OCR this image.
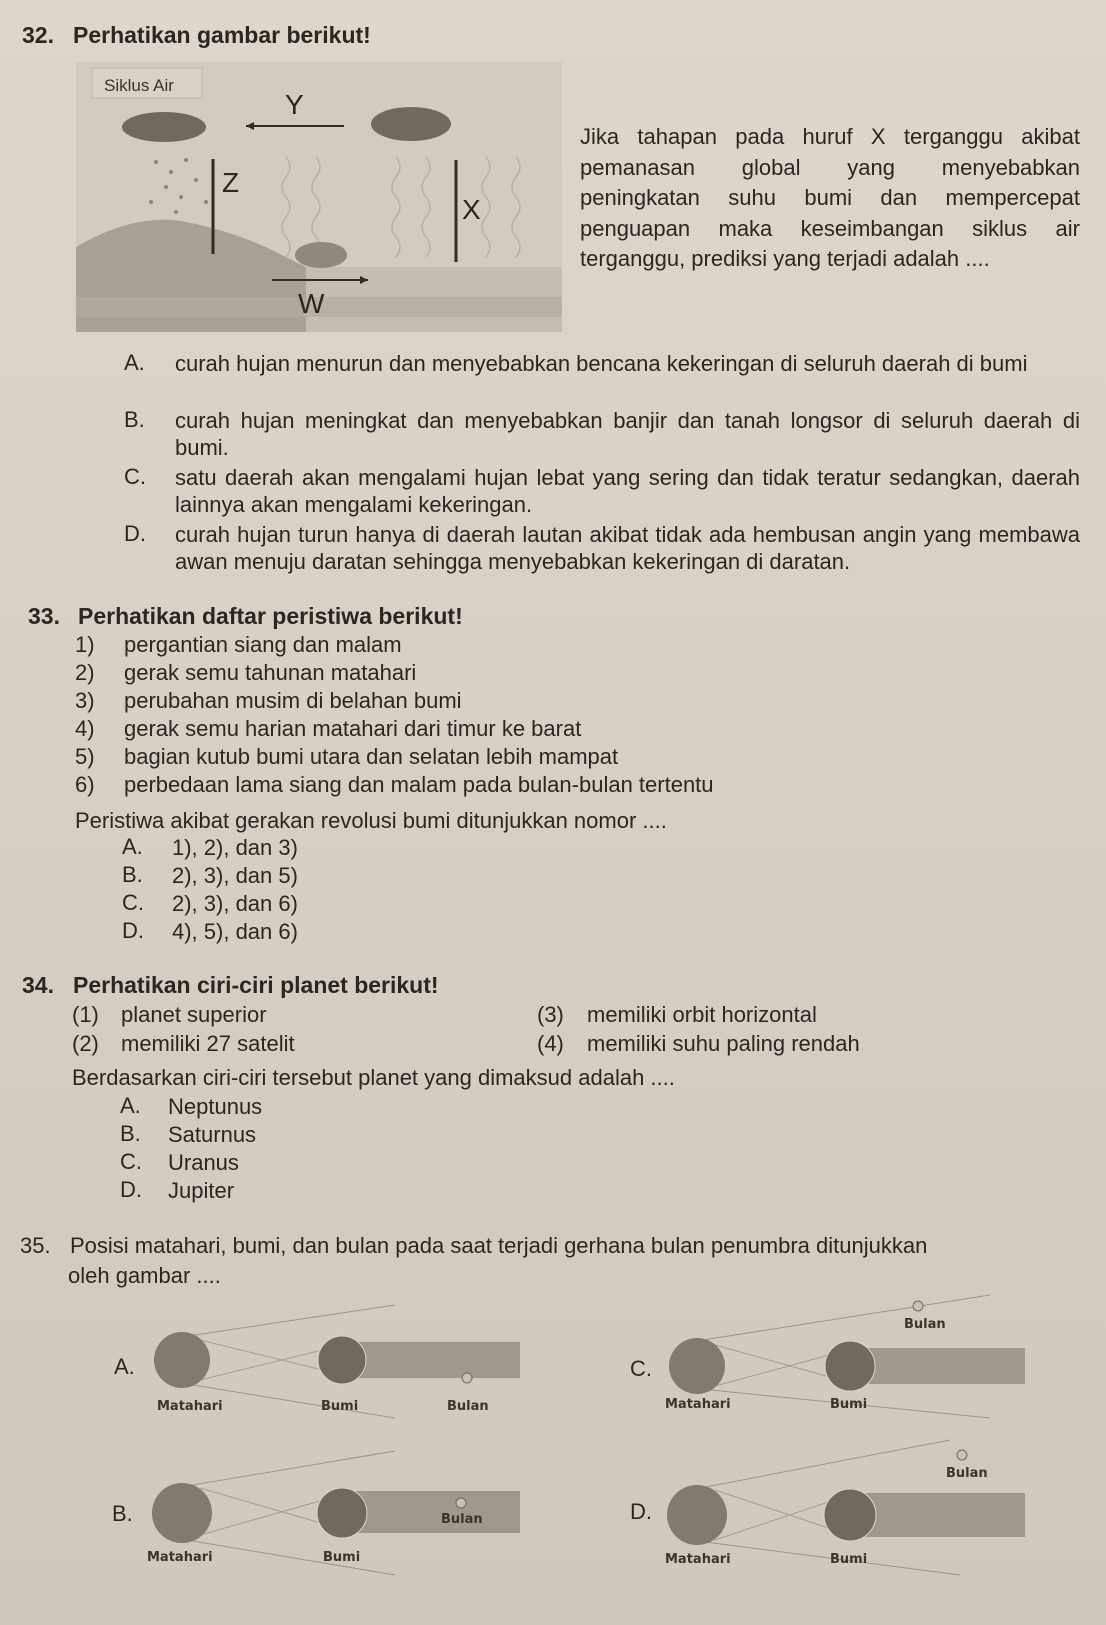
32. Perhatikan gambar berikut!
Siklus Air
Y
Z
X
W
Jika tahapan pada huruf X terganggu akibat pemanasan global yang menyebabkan peningkatan suhu bumi dan mempercepat penguapan maka keseimbangan siklus air terganggu, prediksi yang terjadi adalah ....
A. curah hujan menurun dan menyebabkan bencana kekeringan di seluruh daerah di bumi
B. curah hujan meningkat dan menyebabkan banjir dan tanah longsor di seluruh daerah di bumi.
C. satu daerah akan mengalami hujan lebat yang sering dan tidak teratur sedangkan, daerah lainnya akan mengalami kekeringan.
D. curah hujan turun hanya di daerah lautan akibat tidak ada hembusan angin yang membawa awan menuju daratan sehingga menyebabkan kekeringan di daratan.
33. Perhatikan daftar peristiwa berikut!
1) pergantian siang dan malam
2) gerak semu tahunan matahari
3) perubahan musim di belahan bumi
4) gerak semu harian matahari dari timur ke barat
5) bagian kutub bumi utara dan selatan lebih mampat
6) perbedaan lama siang dan malam pada bulan-bulan tertentu
Peristiwa akibat gerakan revolusi bumi ditunjukkan nomor ....
A. 1), 2), dan 3)
B. 2), 3), dan 5)
C. 2), 3), dan 6)
D. 4), 5), dan 6)
34. Perhatikan ciri-ciri planet berikut!
(1) planet superior
(2) memiliki 27 satelit
(3) memiliki orbit horizontal
(4) memiliki suhu paling rendah
Berdasarkan ciri-ciri tersebut planet yang dimaksud adalah ....
A. Neptunus
B. Saturnus
C. Uranus
D. Jupiter
35. Posisi matahari, bumi, dan bulan pada saat terjadi gerhana bulan penumbra ditunjukkan
oleh gambar ....
A.
Matahari	Bumi	Bulan
B.	Bulan
Matahari	Bumi
C.
Bulan
Matahari	Bumi
D.
Bulan
Matahari	Bumi
